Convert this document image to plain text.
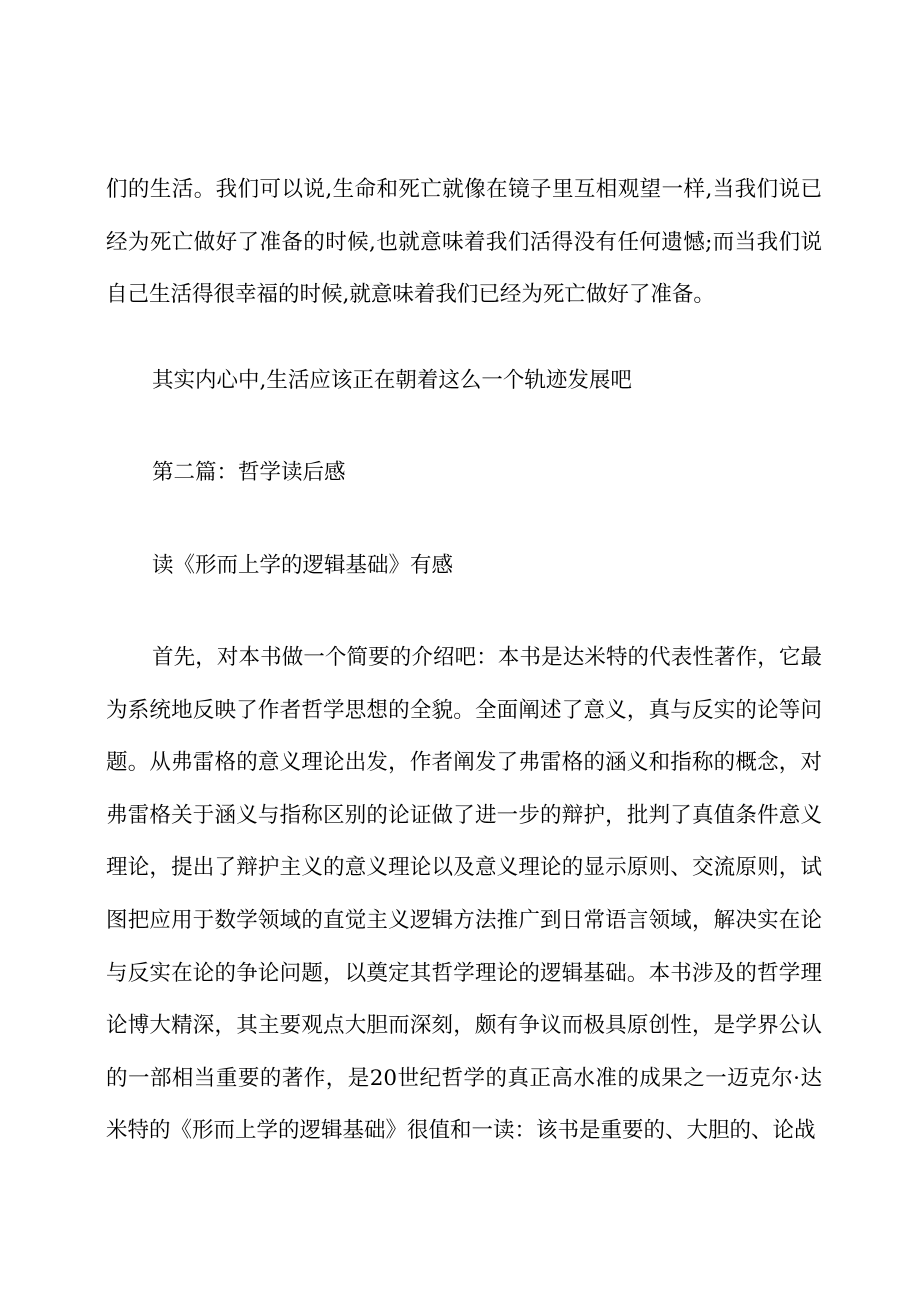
们的生活。我们可以说,生命和死亡就像在镜子里互相观望一样,当我们说已经为死亡做好了准备的时候,也就意味着我们活得没有任何遗憾;而当我们说自己生活得很幸福的时候,就意味着我们已经为死亡做好了准备。

其实内心中,生活应该正在朝着这么一个轨迹发展吧

第二篇：哲学读后感

读《形而上学的逻辑基础》有感

首先，对本书做一个简要的介绍吧：本书是达米特的代表性著作，它最为系统地反映了作者哲学思想的全貌。全面阐述了意义，真与反实的论等问题。从弗雷格的意义理论出发，作者阐发了弗雷格的涵义和指称的概念，对弗雷格关于涵义与指称区别的论证做了进一步的辩护，批判了真值条件意义理论，提出了辩护主义的意义理论以及意义理论的显示原则、交流原则，试图把应用于数学领域的直觉主义逻辑方法推广到日常语言领域，解决实在论与反实在论的争论问题，以奠定其哲学理论的逻辑基础。本书涉及的哲学理论博大精深，其主要观点大胆而深刻，颇有争议而极具原创性，是学界公认的一部相当重要的著作，是20世纪哲学的真正高水准的成果之一迈克尔·达米特的《形而上学的逻辑基础》很值和一读：该书是重要的、大胆的、论战
